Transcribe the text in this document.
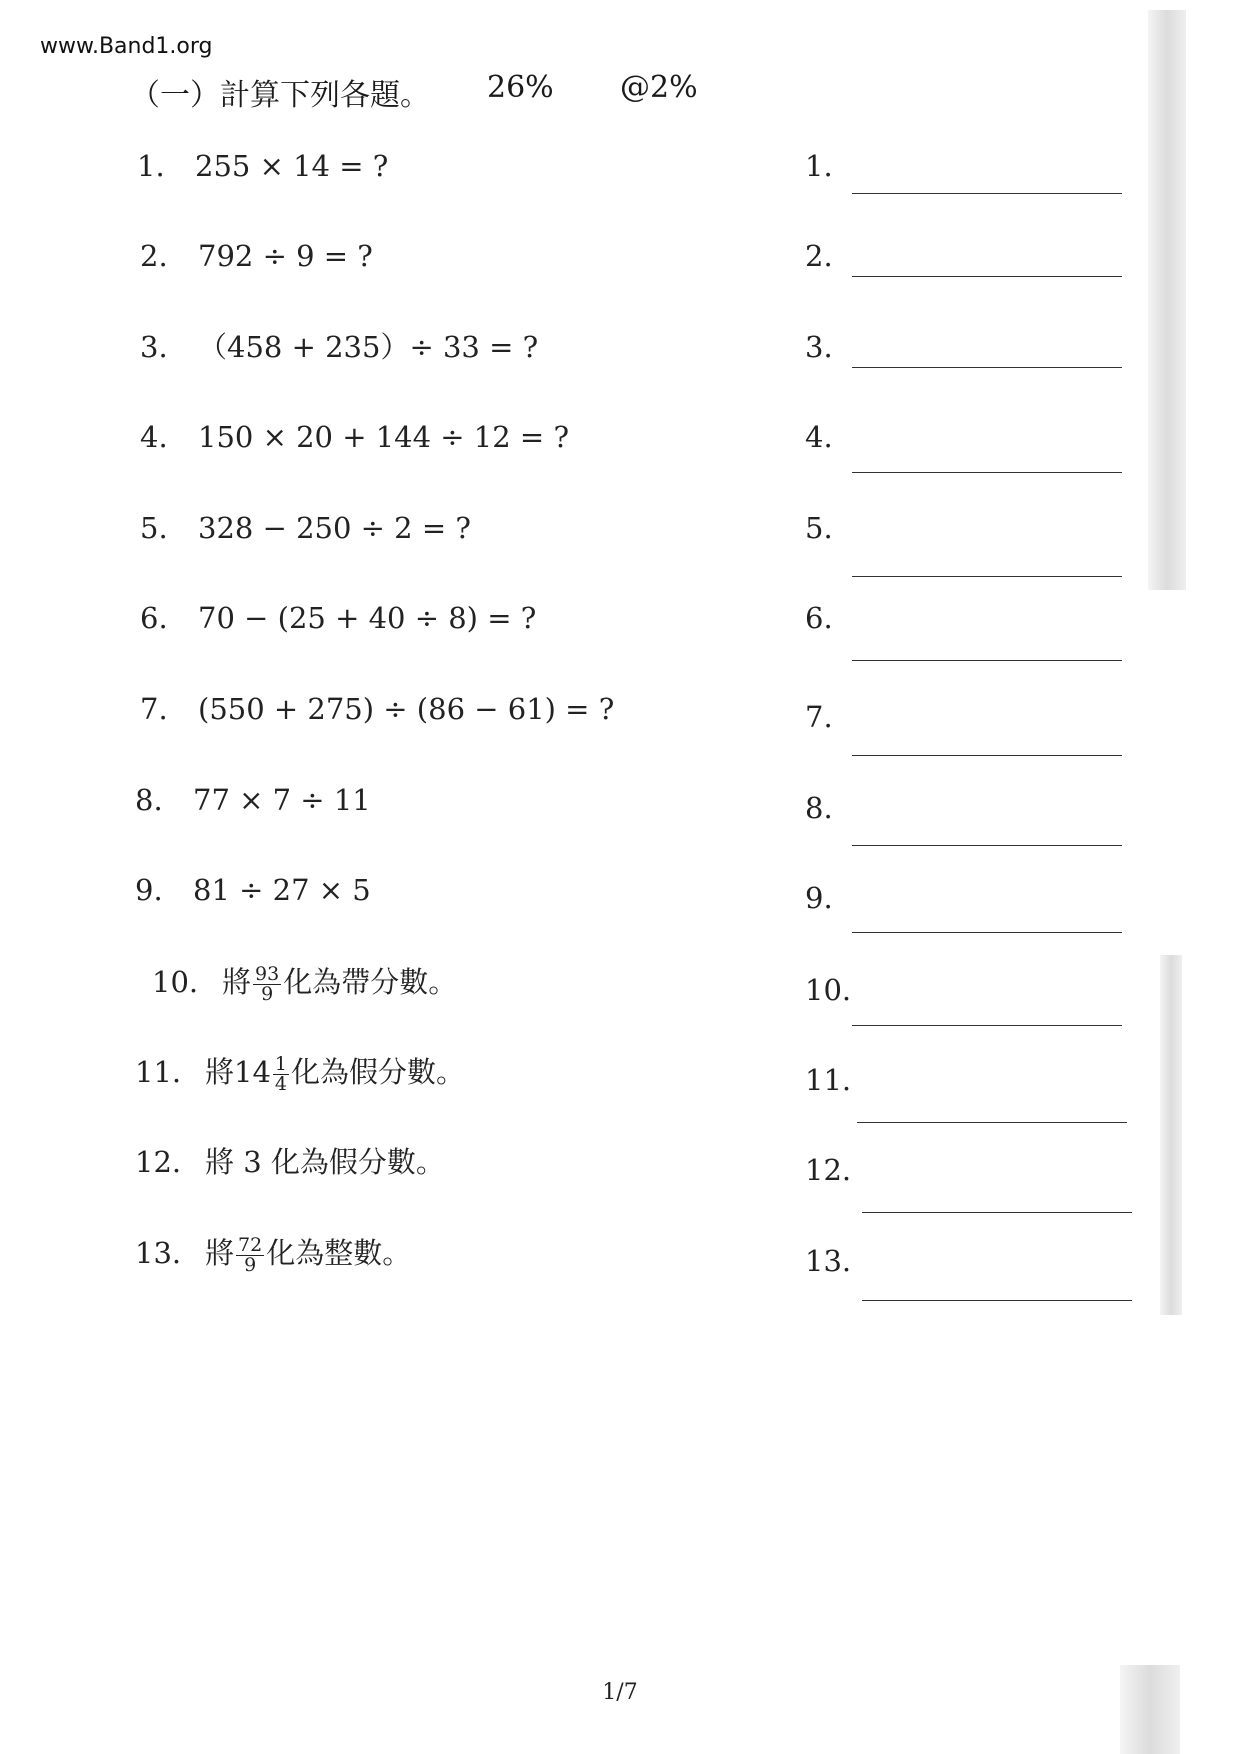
www.Band1.org
（一）計算下列各題。 26% @2%
1. 255 × 14 = ?
2. 792 ÷ 9 = ?
3. （458 + 235）÷ 33 = ?
4. 150 × 20 + 144 ÷ 12 = ?
5. 328 − 250 ÷ 2 = ?
6. 70 − (25 + 40 ÷ 8) = ?
7. (550 + 275) ÷ (86 − 61) = ?
8. 77 × 7 ÷ 11
9. 81 ÷ 27 × 5
10. 將 $\frac{93}{9}$ 化為帶分數。
11. 將$14 \frac{1}{4}$ 化為假分數。
12. 將 3 化為假分數。
13. 將 $\frac{72}{9}$ 化為整數。
1.
2.
3.
4.
5.
6.
7.
8.
9.
10.
11.
12.
13.
1/7
